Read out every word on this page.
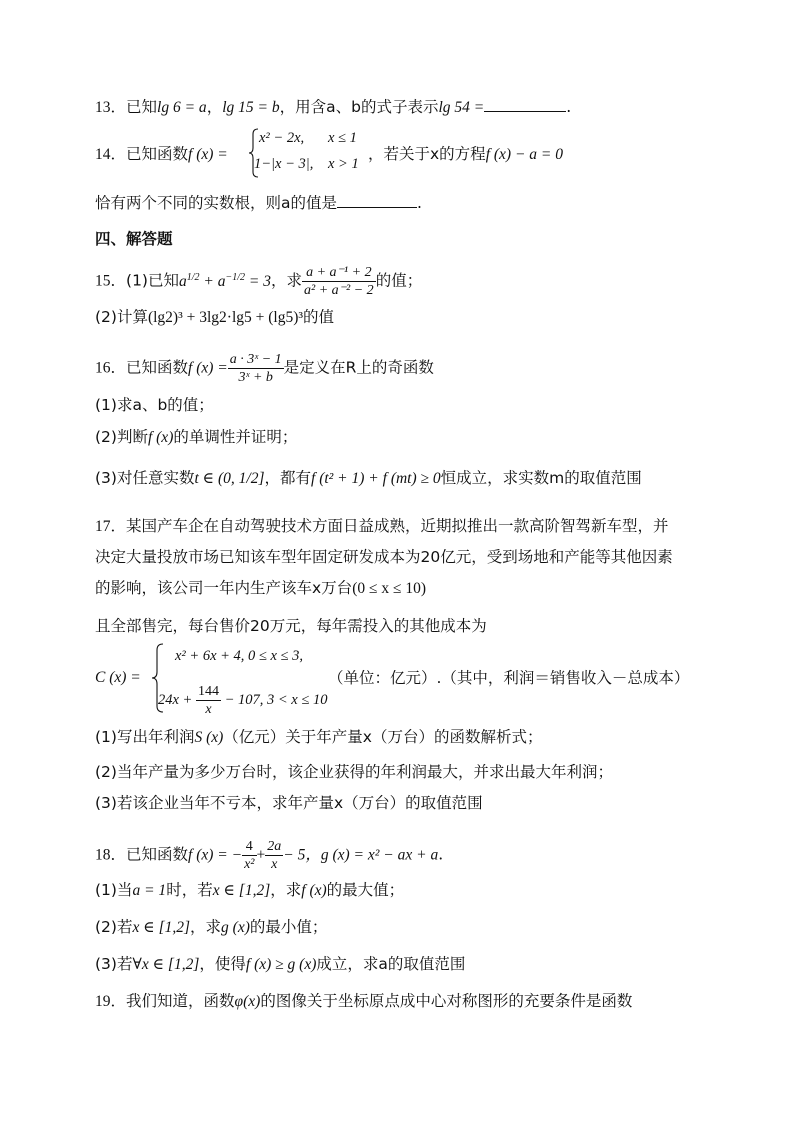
13．已知lg 6 = a，lg 15 = b，用含a、b的式子表示lg 54 =	.
14．已知函数f (x) =
x² − 2x, x ≤ 1
1−|x − 3|, x > 1
，若关于x的方程f (x) − a = 0
恰有两个不同的实数根，则a的值是	.
四、解答题
15．(1)已知$a^{1/2} + a^{-1/2} = 3$，求 $\frac{\text{a + a⁻¹ + 2}}{\text{a² + a⁻² − 2}}$ 的值；
(2)计算(lg2)³ + 3lg2·lg5 + (lg5)³的值
16．已知函数f $(x) = \frac{\text{a · 3ˣ − 1}}{\text{3ˣ + b}}$ 是定义在R上的奇函数
(1)求a、b的值；
(2)判断f (x)的单调性并证明；
(3)对任意实数t ∈ (0, 1/2]，都有f (t² + 1) + f (mt) ≥ 0恒成立，求实数m的取值范围
17．某国产车企在自动驾驶技术方面日益成熟，近期拟推出一款高阶智驾新车型，并
决定大量投放市场已知该车型年固定研发成本为20亿元，受到场地和产能等其他因素
的影响，该公司一年内生产该车x万台(0 ≤ x ≤ 10)
且全部售完，每台售价20万元，每年需投入的其他成本为
C (x) =
x² + 6x + 4, 0 ≤ x ≤ 3,
$24x + \frac{144}{x} - 107$, 3 < x ≤ 10
（单位：亿元）.（其中，利润＝销售收入－总成本）
(1)写出年利润S (x)（亿元）关于年产量x（万台）的函数解析式；
(2)当年产量为多少万台时，该企业获得的年利润最大，并求出最大年利润；
(3)若该企业当年不亏本，求年产量x（万台）的取值范围
18．已知函数f (x) = − $\frac{4}{\text{x²}} + \frac{2a}{x} - 5$，g (x) = x² − ax + a.
(1)当a = 1时，若x ∈ [1,2]，求f (x)的最大值；
(2)若x ∈ [1,2]，求g (x)的最小值；
(3)若∀x ∈ [1,2]，使得f (x) ≥ g (x)成立，求a的取值范围
19．我们知道，函数φ(x)的图像关于坐标原点成中心对称图形的充要条件是函数
